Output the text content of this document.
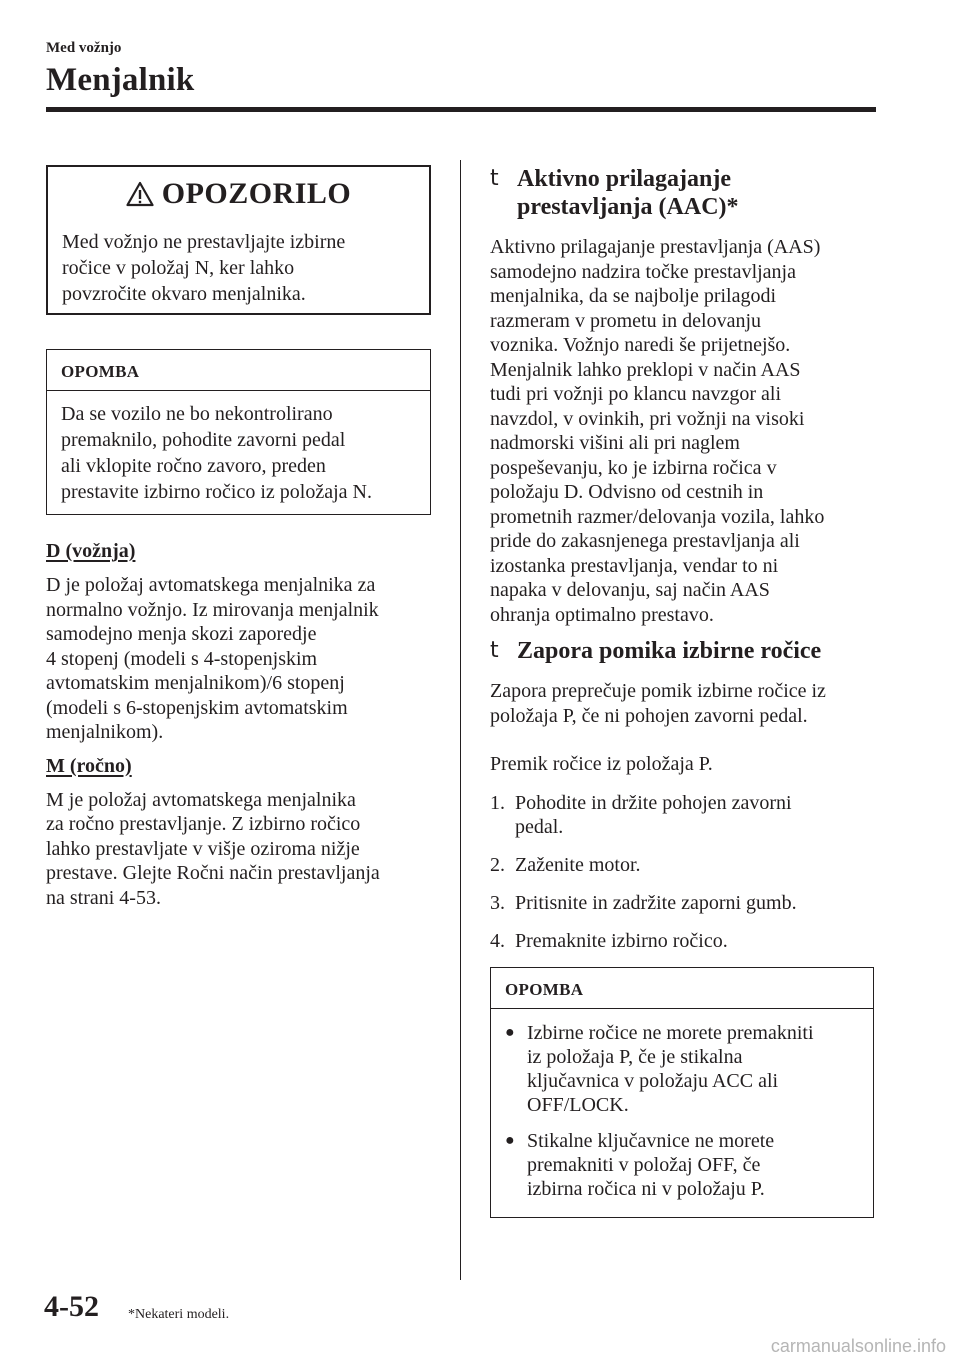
Med vožnjo
Menjalnik
OPOZORILO
Med vožnjo ne prestavljajte izbirne
ročice v položaj N, ker lahko
povzročite okvaro menjalnika.
OPOMBA
Da se vozilo ne bo nekontrolirano
premaknilo, pohodite zavorni pedal
ali vklopite ročno zavoro, preden
prestavite izbirno ročico iz položaja N.
D (vožnja)
D je položaj avtomatskega menjalnika za
normalno vožnjo. Iz mirovanja menjalnik
samodejno menja skozi zaporedje
4 stopenj (modeli s 4-stopenjskim
avtomatskim menjalnikom)/6 stopenj
(modeli s 6-stopenjskim avtomatskim
menjalnikom).
M (ročno)
M je položaj avtomatskega menjalnika
za ročno prestavljanje. Z izbirno ročico
lahko prestavljate v višje oziroma nižje
prestave. Glejte Ročni način prestavljanja
na strani 4-53.
t Aktivno prilagajanje
prestavljanja (AAC)*
Aktivno prilagajanje prestavljanja (AAS)
samodejno nadzira točke prestavljanja
menjalnika, da se najbolje prilagodi
razmeram v prometu in delovanju
voznika. Vožnjo naredi še prijetnejšo.
Menjalnik lahko preklopi v način AAS
tudi pri vožnji po klancu navzgor ali
navzdol, v ovinkih, pri vožnji na visoki
nadmorski višini ali pri naglem
pospeševanju, ko je izbirna ročica v
položaju D. Odvisno od cestnih in
prometnih razmer/delovanja vozila, lahko
pride do zakasnjenega prestavljanja ali
izostanka prestavljanja, vendar to ni
napaka v delovanju, saj način AAS
ohranja optimalno prestavo.
t Zapora pomika izbirne ročice
Zapora preprečuje pomik izbirne ročice iz
položaja P, če ni pohojen zavorni pedal.
Premik ročice iz položaja P.
1. Pohodite in držite pohojen zavorni
pedal.
2. Zaženite motor.
3. Pritisnite in zadržite zaporni gumb.
4. Premaknite izbirno ročico.
OPOMBA
● Izbirne ročice ne morete premakniti
iz položaja P, če je stikalna
ključavnica v položaju ACC ali
OFF/LOCK.
● Stikalne ključavnice ne morete
premakniti v položaj OFF, če
izbirna ročica ni v položaju P.
4-52 *Nekateri modeli.
carmanualsonline.info
